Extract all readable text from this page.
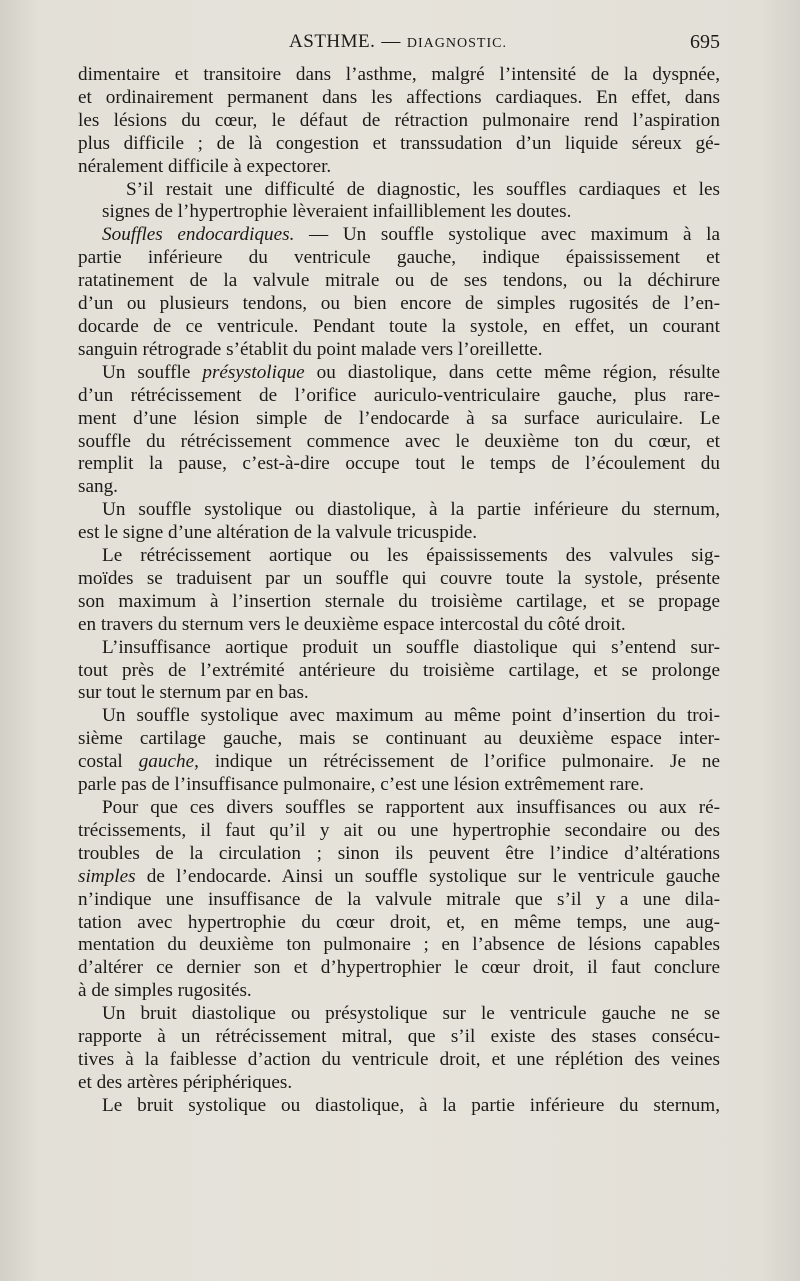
ASTHME. — DIAGNOSTIC.	695

dimentaire et transitoire dans l’asthme, malgré l’intensité de la dyspnée,
et ordinairement permanent dans les affections cardiaques. En effet, dans
les lésions du cœur, le défaut de rétraction pulmonaire rend l’aspiration
plus difficile ; de là congestion et transsudation d’un liquide séreux gé-
néralement difficile à expectorer.

S’il restait une difficulté de diagnostic, les souffles cardiaques et les
signes de l’hypertrophie lèveraient infailliblement les doutes.

Souffles endocardiques. — Un souffle systolique avec maximum à la
partie inférieure du ventricule gauche, indique épaississement et
ratatinement de la valvule mitrale ou de ses tendons, ou la déchirure
d’un ou plusieurs tendons, ou bien encore de simples rugosités de l’en-
docarde de ce ventricule. Pendant toute la systole, en effet, un courant
sanguin rétrograde s’établit du point malade vers l’oreillette.

Un souffle présystolique ou diastolique, dans cette même région, résulte
d’un rétrécissement de l’orifice auriculo-ventriculaire gauche, plus rare-
ment d’une lésion simple de l’endocarde à sa surface auriculaire. Le
souffle du rétrécissement commence avec le deuxième ton du cœur, et
remplit la pause, c’est-à-dire occupe tout le temps de l’écoulement du
sang.

Un souffle systolique ou diastolique, à la partie inférieure du sternum,
est le signe d’une altération de la valvule tricuspide.

Le rétrécissement aortique ou les épaississements des valvules sig-
moïdes se traduisent par un souffle qui couvre toute la systole, présente
son maximum à l’insertion sternale du troisième cartilage, et se propage
en travers du sternum vers le deuxième espace intercostal du côté droit.

L’insuffisance aortique produit un souffle diastolique qui s’entend sur-
tout près de l’extrémité antérieure du troisième cartilage, et se prolonge
sur tout le sternum par en bas.

Un souffle systolique avec maximum au même point d’insertion du troi-
sième cartilage gauche, mais se continuant au deuxième espace inter-
costal gauche, indique un rétrécissement de l’orifice pulmonaire. Je ne
parle pas de l’insuffisance pulmonaire, c’est une lésion extrêmement rare.

Pour que ces divers souffles se rapportent aux insuffisances ou aux ré-
trécissements, il faut qu’il y ait ou une hypertrophie secondaire ou des
troubles de la circulation ; sinon ils peuvent être l’indice d’altérations
simples de l’endocarde. Ainsi un souffle systolique sur le ventricule gauche
n’indique une insuffisance de la valvule mitrale que s’il y a une dila-
tation avec hypertrophie du cœur droit, et, en même temps, une aug-
mentation du deuxième ton pulmonaire ; en l’absence de lésions capables
d’altérer ce dernier son et d’hypertrophier le cœur droit, il faut conclure
à de simples rugosités.

Un bruit diastolique ou présystolique sur le ventricule gauche ne se
rapporte à un rétrécissement mitral, que s’il existe des stases consécu-
tives à la faiblesse d’action du ventricule droit, et une réplétion des veines
et des artères périphériques.

Le bruit systolique ou diastolique, à la partie inférieure du sternum,
